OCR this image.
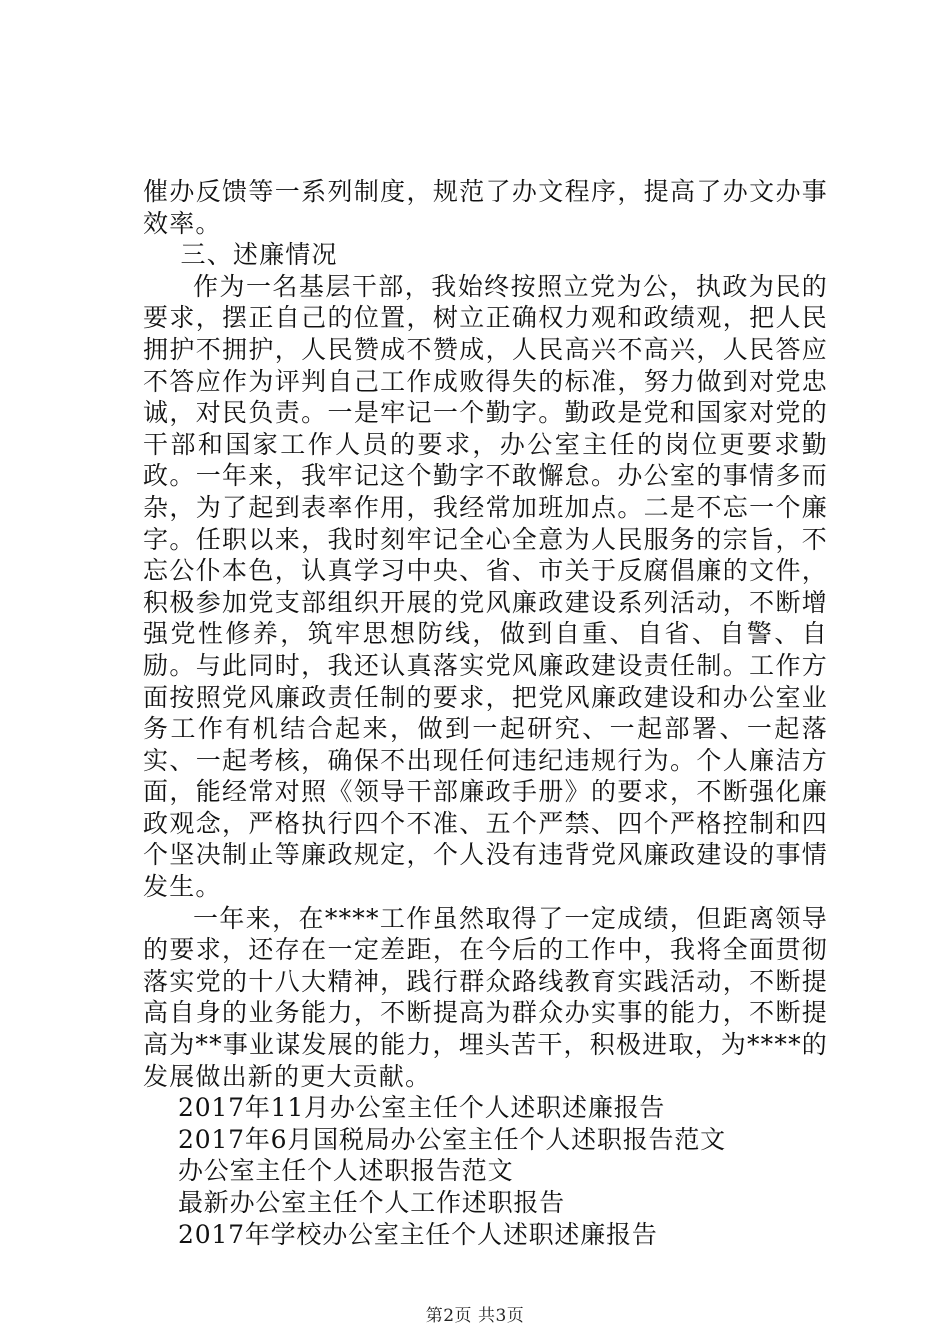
催办反馈等一系列制度，规范了办文程序，提高了办文办事效率。

三、述廉情况

作为一名基层干部，我始终按照立党为公，执政为民的要求，摆正自己的位置，树立正确权力观和政绩观，把人民拥护不拥护，人民赞成不赞成，人民高兴不高兴，人民答应不答应作为评判自己工作成败得失的标准，努力做到对党忠诚，对民负责。一是牢记一个勤字。勤政是党和国家对党的干部和国家工作人员的要求，办公室主任的岗位更要求勤政。一年来，我牢记这个勤字不敢懈怠。办公室的事情多而杂，为了起到表率作用，我经常加班加点。二是不忘一个廉字。任职以来，我时刻牢记全心全意为人民服务的宗旨，不忘公仆本色，认真学习中央、省、市关于反腐倡廉的文件，积极参加党支部组织开展的党风廉政建设系列活动，不断增强党性修养，筑牢思想防线，做到自重、自省、自警、自励。与此同时，我还认真落实党风廉政建设责任制。工作方面按照党风廉政责任制的要求，把党风廉政建设和办公室业务工作有机结合起来，做到一起研究、一起部署、一起落实、一起考核，确保不出现任何违纪违规行为。个人廉洁方面，能经常对照《领导干部廉政手册》的要求，不断强化廉政观念，严格执行四个不准、五个严禁、四个严格控制和四个坚决制止等廉政规定，个人没有违背党风廉政建设的事情发生。

一年来，在****工作虽然取得了一定成绩，但距离领导的要求，还存在一定差距，在今后的工作中，我将全面贯彻落实党的十八大精神，践行群众路线教育实践活动，不断提高自身的业务能力，不断提高为群众办实事的能力，不断提高为**事业谋发展的能力，埋头苦干，积极进取，为****的发展做出新的更大贡献。

2017年11月办公室主任个人述职述廉报告

2017年6月国税局办公室主任个人述职报告范文

办公室主任个人述职报告范文

最新办公室主任个人工作述职报告

2017年学校办公室主任个人述职述廉报告

第2页 共3页
